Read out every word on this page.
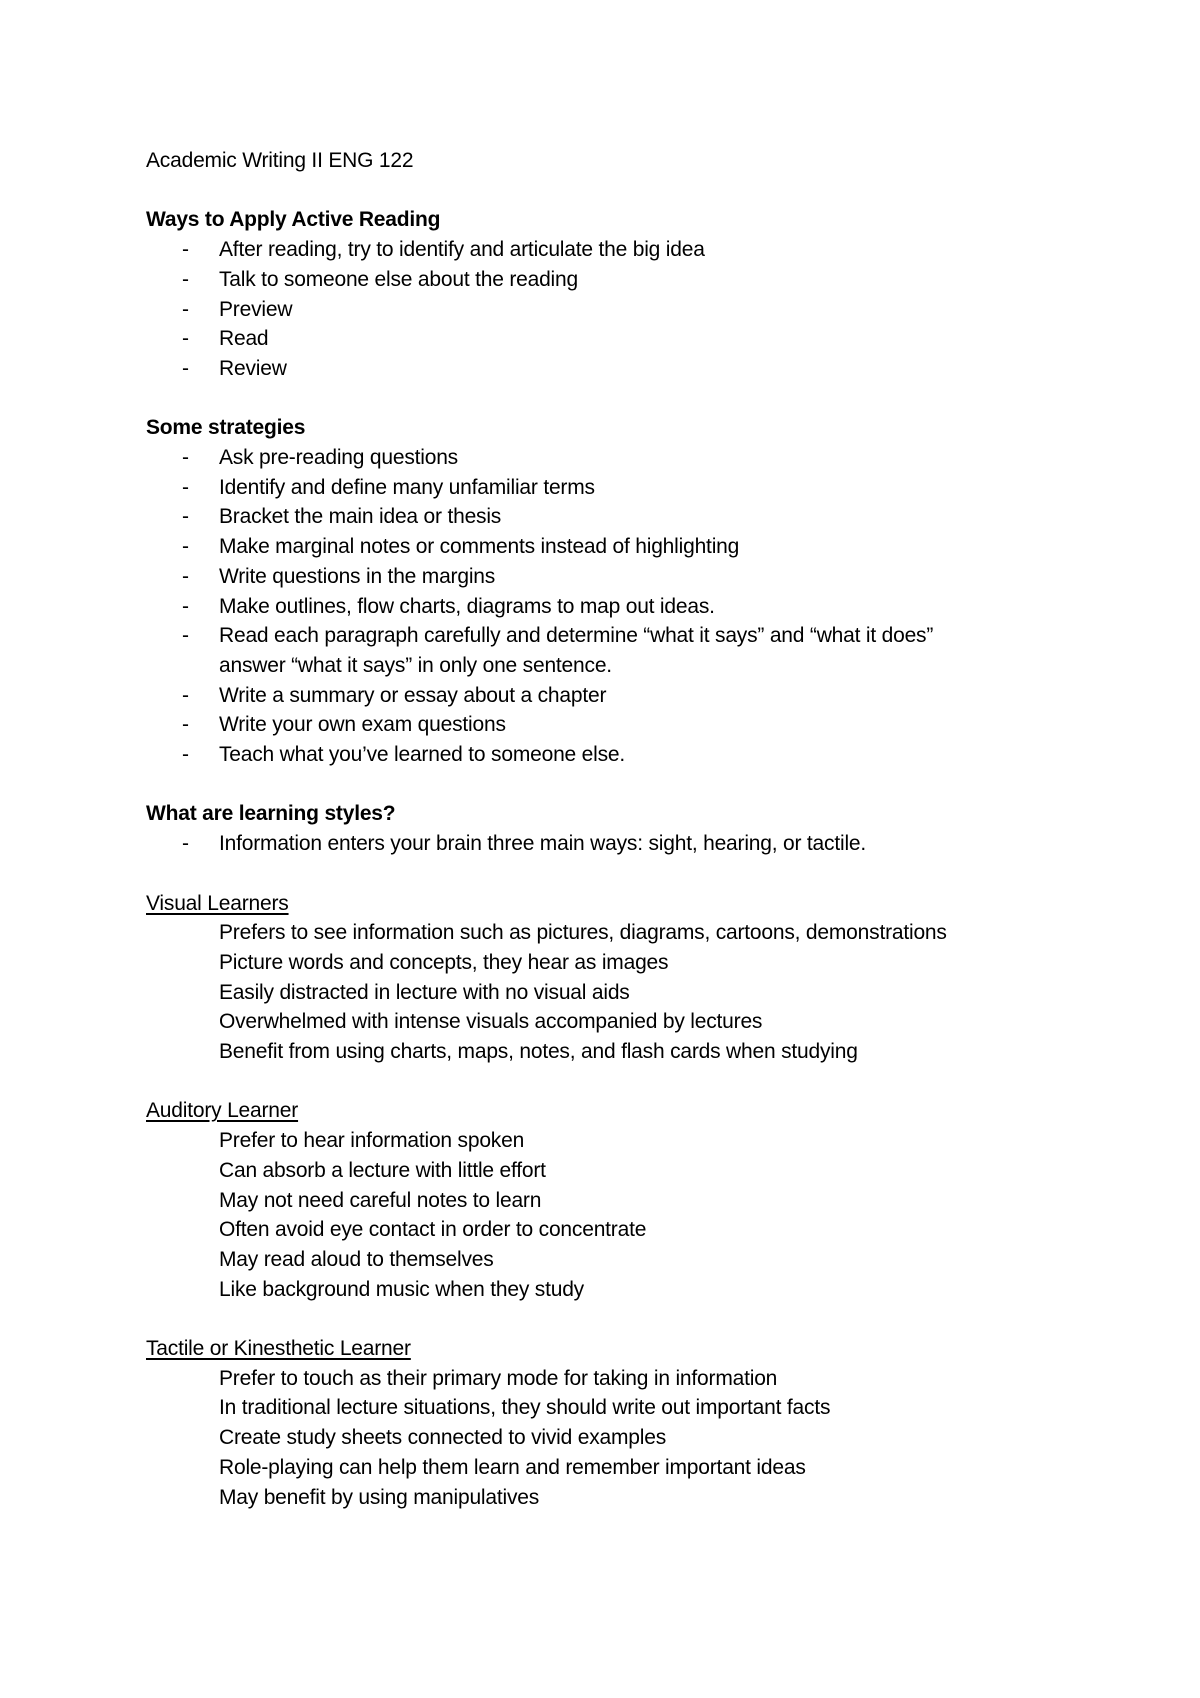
Academic Writing II ENG 122

Ways to Apply Active Reading

- After reading, try to identify and articulate the big idea
- Talk to someone else about the reading
- Preview
- Read
- Review

Some strategies

- Ask pre-reading questions
- Identify and define many unfamiliar terms
- Bracket the main idea or thesis
- Make marginal notes or comments instead of highlighting
- Write questions in the margins
- Make outlines, flow charts, diagrams to map out ideas.
- Read each paragraph carefully and determine “what it says” and “what it does”
answer “what it says” in only one sentence.
- Write a summary or essay about a chapter
- Write your own exam questions
- Teach what you’ve learned to someone else.

What are learning styles?

- Information enters your brain three main ways: sight, hearing, or tactile.

Visual Learners

Prefers to see information such as pictures, diagrams, cartoons, demonstrations
Picture words and concepts, they hear as images
Easily distracted in lecture with no visual aids
Overwhelmed with intense visuals accompanied by lectures
Benefit from using charts, maps, notes, and flash cards when studying

Auditory Learner

Prefer to hear information spoken
Can absorb a lecture with little effort
May not need careful notes to learn
Often avoid eye contact in order to concentrate
May read aloud to themselves
Like background music when they study

Tactile or Kinesthetic Learner

Prefer to touch as their primary mode for taking in information
In traditional lecture situations, they should write out important facts
Create study sheets connected to vivid examples
Role-playing can help them learn and remember important ideas
May benefit by using manipulatives
